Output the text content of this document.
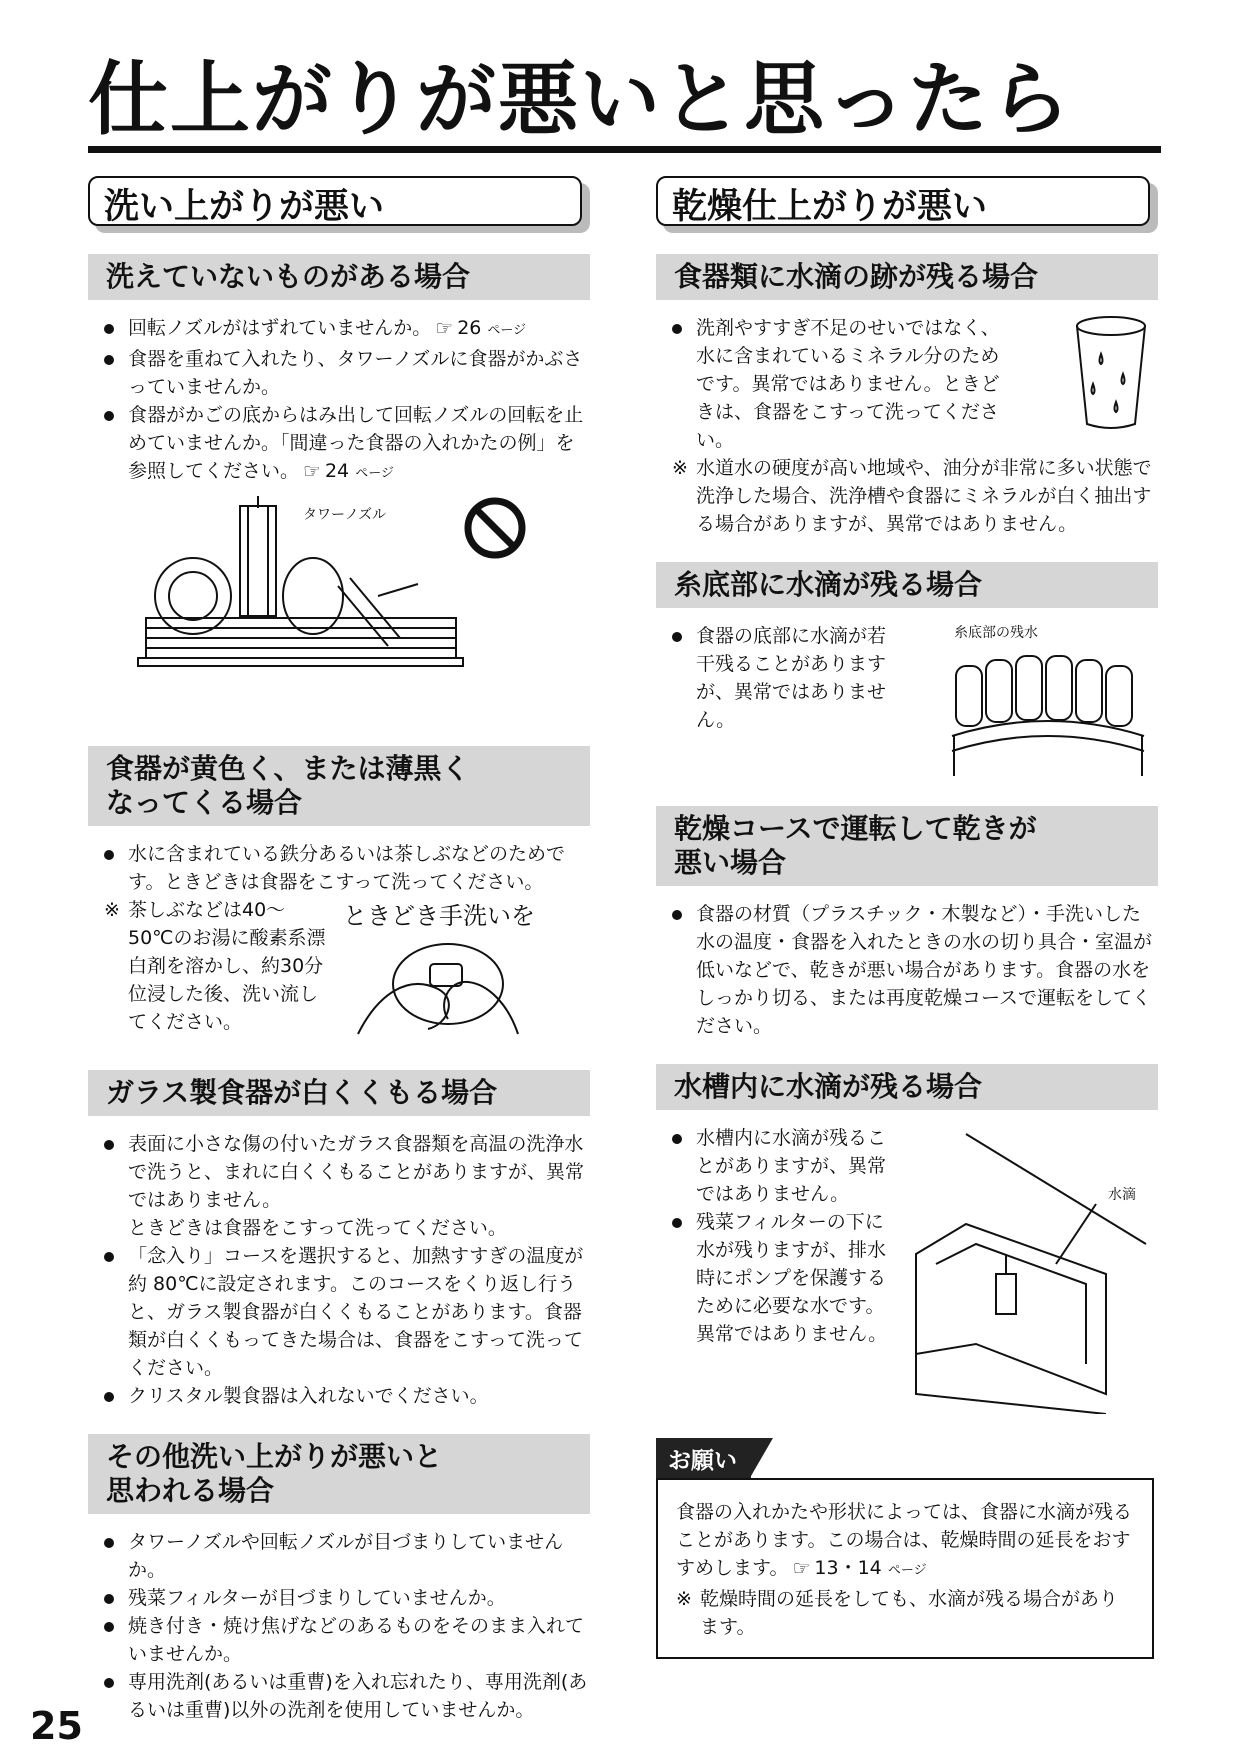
仕上がりが悪いと思ったら
洗い上がりが悪い
洗えていないものがある場合
回転ノズルがはずれていませんか。 ☞ 26 ページ
食器を重ねて入れたり、タワーノズルに食器がかぶさっていませんか。
食器がかごの底からはみ出して回転ノズルの回転を止めていませんか。「間違った食器の入れかたの例」を参照してください。 ☞ 24 ページ
タワーノズル
食器が黄色く、または薄黒く
なってくる場合
水に含まれている鉄分あるいは茶しぶなどのためです。ときどきは食器をこすって洗ってください。
※ 茶しぶなどは40〜50℃のお湯に酸素系漂白剤を溶かし、約30分位浸した後、洗い流してください。
ときどき手洗いを
ガラス製食器が白くくもる場合
表面に小さな傷の付いたガラス食器類を高温の洗浄水で洗うと、まれに白くくもることがありますが、異常ではありません。
ときどきは食器をこすって洗ってください。
「念入り」コースを選択すると、加熱すすぎの温度が約 80℃に設定されます。このコースをくり返し行うと、ガラス製食器が白くくもることがあります。食器類が白くくもってきた場合は、食器をこすって洗ってください。
クリスタル製食器は入れないでください。
その他洗い上がりが悪いと
思われる場合
タワーノズルや回転ノズルが目づまりしていませんか。
残菜フィルターが目づまりしていませんか。
焼き付き・焼け焦げなどのあるものをそのまま入れていませんか。
専用洗剤(あるいは重曹)を入れ忘れたり、専用洗剤(あるいは重曹)以外の洗剤を使用していませんか。
乾燥仕上がりが悪い
食器類に水滴の跡が残る場合
洗剤やすすぎ不足のせいではなく、水に含まれているミネラル分のためです。異常ではありません。ときどきは、食器をこすって洗ってください。
※ 水道水の硬度が高い地域や、油分が非常に多い状態で洗浄した場合、洗浄槽や食器にミネラルが白く抽出する場合がありますが、異常ではありません。
糸底部に水滴が残る場合
食器の底部に水滴が若干残ることがありますが、異常ではありません。
糸底部の残水
乾燥コースで運転して乾きが
悪い場合
食器の材質（プラスチック・木製など）・手洗いした水の温度・食器を入れたときの水の切り具合・室温が低いなどで、乾きが悪い場合があります。食器の水をしっかり切る、または再度乾燥コースで運転をしてください。
水槽内に水滴が残る場合
水槽内に水滴が残ることがありますが、異常ではありません。
残菜フィルターの下に水が残りますが、排水時にポンプを保護するために必要な水です。異常ではありません。
水滴
お願い
食器の入れかたや形状によっては、食器に水滴が残ることがあります。この場合は、乾燥時間の延長をおすすめします。 ☞ 13・14 ページ
※ 乾燥時間の延長をしても、水滴が残る場合があります。
25
